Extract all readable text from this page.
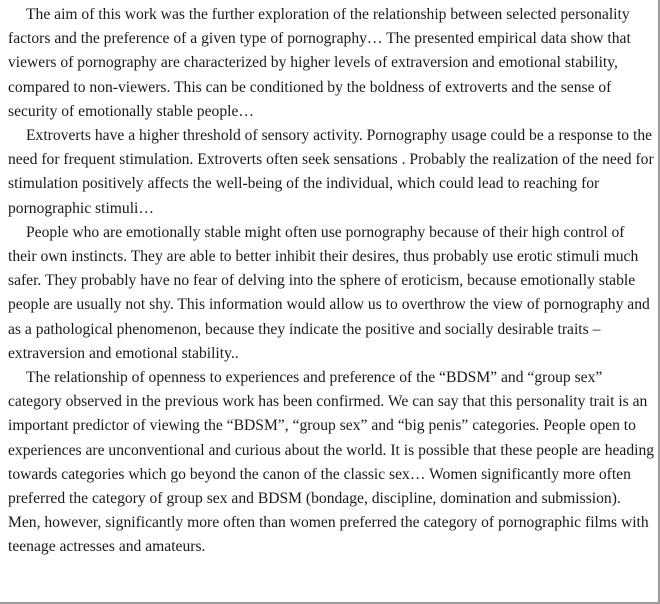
The aim of this work was the further exploration of the relationship between selected personality factors and the preference of a given type of pornography… The presented empirical data show that viewers of pornography are characterized by higher levels of extraversion and emotional stability, compared to non-viewers. This can be conditioned by the boldness of extroverts and the sense of security of emotionally stable people…

Extroverts have a higher threshold of sensory activity. Pornography usage could be a response to the need for frequent stimulation. Extroverts often seek sensations . Probably the realization of the need for stimulation positively affects the well-being of the individual, which could lead to reaching for pornographic stimuli…

People who are emotionally stable might often use pornography because of their high control of their own instincts. They are able to better inhibit their desires, thus probably use erotic stimuli much safer. They probably have no fear of delving into the sphere of eroticism, because emotionally stable people are usually not shy. This information would allow us to overthrow the view of pornography and as a pathological phenomenon, because they indicate the positive and socially desirable traits – extraversion and emotional stability..

The relationship of openness to experiences and preference of the “BDSM” and “group sex” category observed in the previous work has been confirmed. We can say that this personality trait is an important predictor of viewing the “BDSM”, “group sex” and “big penis” categories. People open to experiences are unconventional and curious about the world. It is possible that these people are heading towards categories which go beyond the canon of the classic sex… Women significantly more often preferred the category of group sex and BDSM (bondage, discipline, domination and submission). Men, however, significantly more often than women preferred the category of pornographic films with teenage actresses and amateurs.
